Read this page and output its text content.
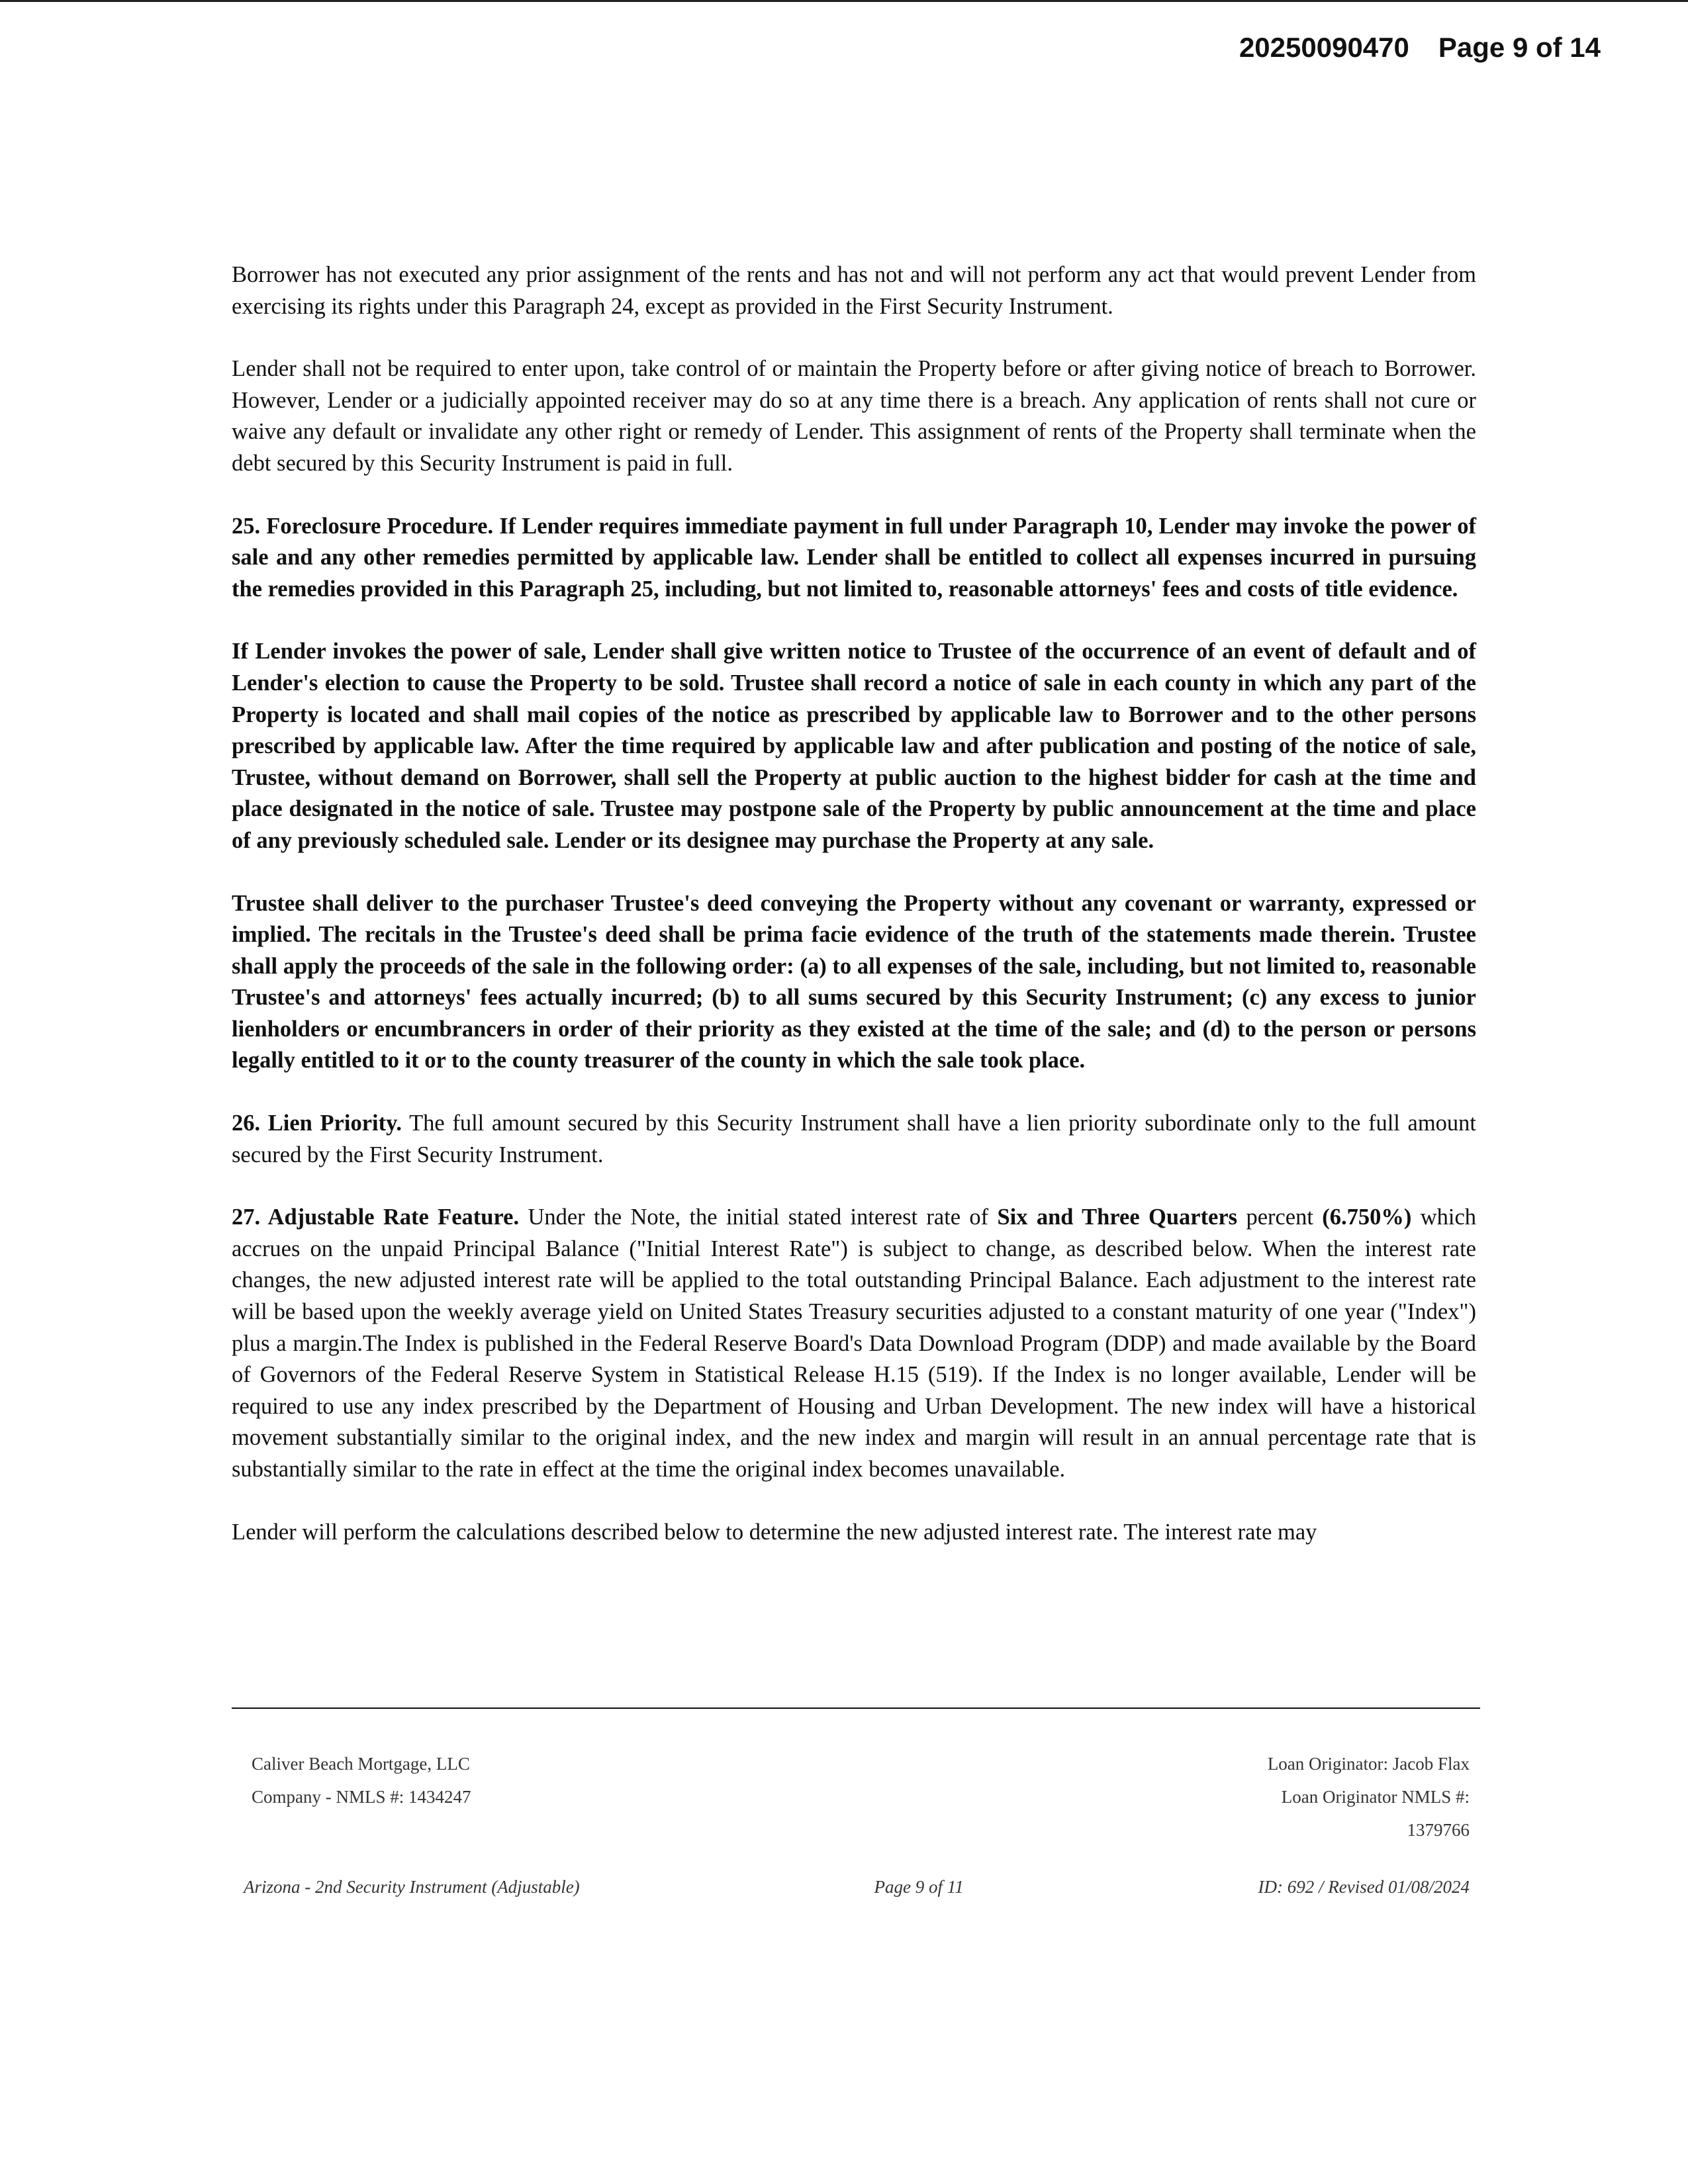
20250090470 Page 9 of 14

Borrower has not executed any prior assignment of the rents and has not and will not perform any act that would prevent Lender from exercising its rights under this Paragraph 24, except as provided in the First Security Instrument.

Lender shall not be required to enter upon, take control of or maintain the Property before or after giving notice of breach to Borrower. However, Lender or a judicially appointed receiver may do so at any time there is a breach. Any application of rents shall not cure or waive any default or invalidate any other right or remedy of Lender. This assignment of rents of the Property shall terminate when the debt secured by this Security Instrument is paid in full.

25. Foreclosure Procedure. If Lender requires immediate payment in full under Paragraph 10, Lender may invoke the power of sale and any other remedies permitted by applicable law. Lender shall be entitled to collect all expenses incurred in pursuing the remedies provided in this Paragraph 25, including, but not limited to, reasonable attorneys' fees and costs of title evidence.

If Lender invokes the power of sale, Lender shall give written notice to Trustee of the occurrence of an event of default and of Lender's election to cause the Property to be sold. Trustee shall record a notice of sale in each county in which any part of the Property is located and shall mail copies of the notice as prescribed by applicable law to Borrower and to the other persons prescribed by applicable law. After the time required by applicable law and after publication and posting of the notice of sale, Trustee, without demand on Borrower, shall sell the Property at public auction to the highest bidder for cash at the time and place designated in the notice of sale. Trustee may postpone sale of the Property by public announcement at the time and place of any previously scheduled sale. Lender or its designee may purchase the Property at any sale.

Trustee shall deliver to the purchaser Trustee's deed conveying the Property without any covenant or warranty, expressed or implied. The recitals in the Trustee's deed shall be prima facie evidence of the truth of the statements made therein. Trustee shall apply the proceeds of the sale in the following order: (a) to all expenses of the sale, including, but not limited to, reasonable Trustee's and attorneys' fees actually incurred; (b) to all sums secured by this Security Instrument; (c) any excess to junior lienholders or encumbrancers in order of their priority as they existed at the time of the sale; and (d) to the person or persons legally entitled to it or to the county treasurer of the county in which the sale took place.

26. Lien Priority. The full amount secured by this Security Instrument shall have a lien priority subordinate only to the full amount secured by the First Security Instrument.

27. Adjustable Rate Feature. Under the Note, the initial stated interest rate of Six and Three Quarters percent (6.750%) which accrues on the unpaid Principal Balance ("Initial Interest Rate") is subject to change, as described below. When the interest rate changes, the new adjusted interest rate will be applied to the total outstanding Principal Balance. Each adjustment to the interest rate will be based upon the weekly average yield on United States Treasury securities adjusted to a constant maturity of one year ("Index") plus a margin.The Index is published in the Federal Reserve Board's Data Download Program (DDP) and made available by the Board of Governors of the Federal Reserve System in Statistical Release H.15 (519). If the Index is no longer available, Lender will be required to use any index prescribed by the Department of Housing and Urban Development. The new index will have a historical movement substantially similar to the original index, and the new index and margin will result in an annual percentage rate that is substantially similar to the rate in effect at the time the original index becomes unavailable.

Lender will perform the calculations described below to determine the new adjusted interest rate. The interest rate may

Caliver Beach Mortgage, LLC
Company - NMLS #: 1434247
Loan Originator: Jacob Flax
Loan Originator NMLS #:
1379766
Arizona - 2nd Security Instrument (Adjustable)	Page 9 of 11	ID: 692 / Revised 01/08/2024
